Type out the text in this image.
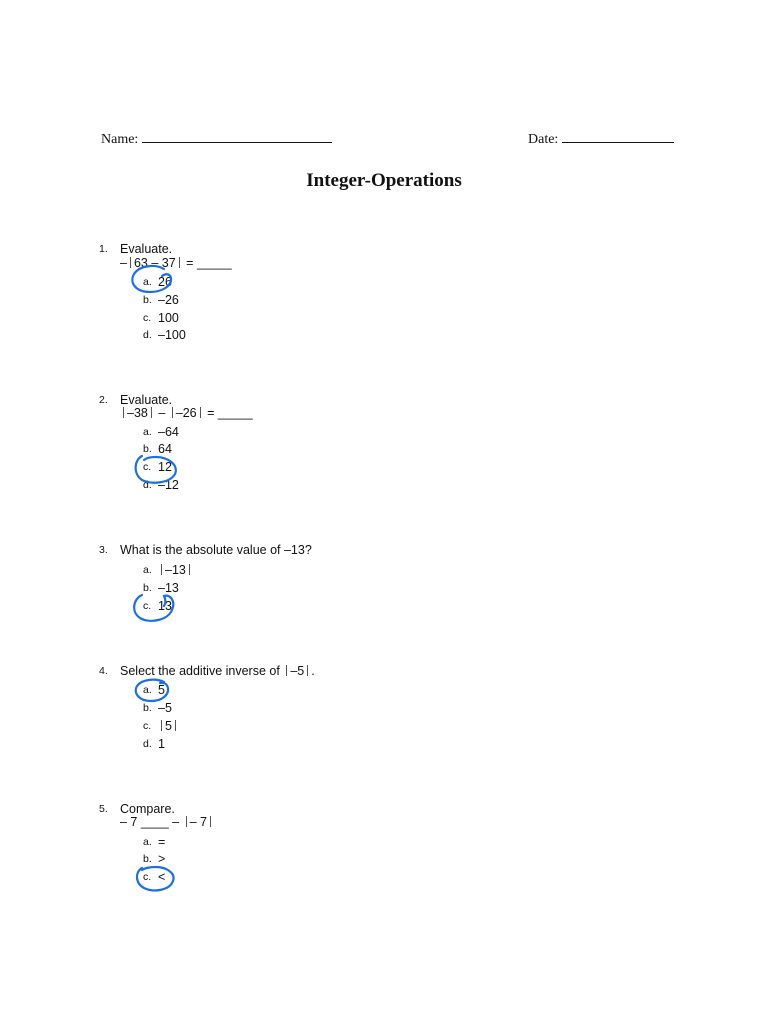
Name:	Date:
Integer-Operations
1. Evaluate.
– 63 – 37 = _____
a. 26
b. –26
c. 100
d. –100
2. Evaluate.
–38 – –26 = _____
a. –64
b. 64
c. 12
d. –12
3. What is the absolute value of –13?
a.	–13
b. –13
c. 13
4. Select the additive inverse of –5 .
a. 5
b. –5
c.	5
d. 1
5. Compare.
– 7 ____ – – 7
a. =
b. >
c. <
